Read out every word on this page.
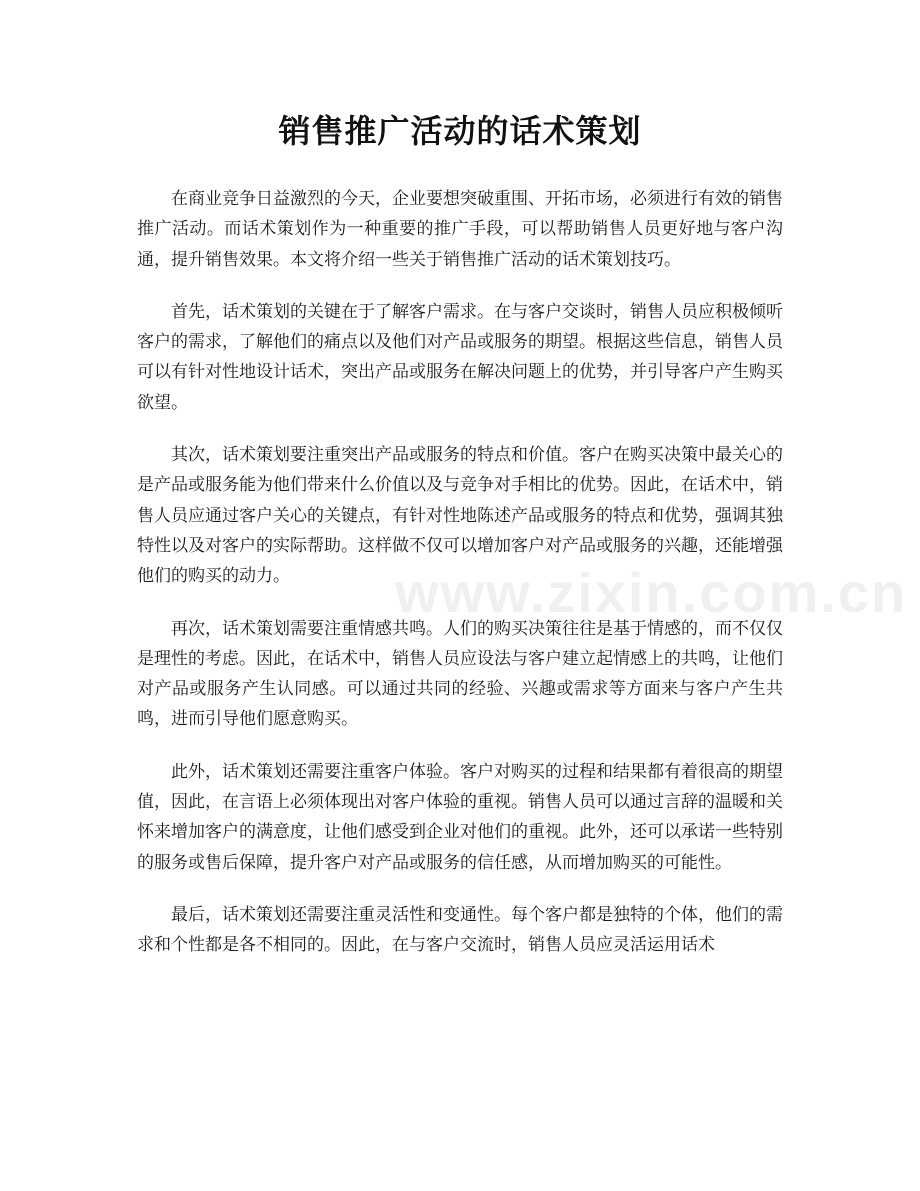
销售推广活动的话术策划

在商业竞争日益激烈的今天，企业要想突破重围、开拓市场，必须进行有效的销售推广活动。而话术策划作为一种重要的推广手段，可以帮助销售人员更好地与客户沟通，提升销售效果。本文将介绍一些关于销售推广活动的话术策划技巧。

首先，话术策划的关键在于了解客户需求。在与客户交谈时，销售人员应积极倾听客户的需求，了解他们的痛点以及他们对产品或服务的期望。根据这些信息，销售人员可以有针对性地设计话术，突出产品或服务在解决问题上的优势，并引导客户产生购买欲望。

其次，话术策划要注重突出产品或服务的特点和价值。客户在购买决策中最关心的是产品或服务能为他们带来什么价值以及与竞争对手相比的优势。因此，在话术中，销售人员应通过客户关心的关键点，有针对性地陈述产品或服务的特点和优势，强调其独特性以及对客户的实际帮助。这样做不仅可以增加客户对产品或服务的兴趣，还能增强他们的购买的动力。

再次，话术策划需要注重情感共鸣。人们的购买决策往往是基于情感的，而不仅仅是理性的考虑。因此，在话术中，销售人员应设法与客户建立起情感上的共鸣，让他们对产品或服务产生认同感。可以通过共同的经验、兴趣或需求等方面来与客户产生共鸣，进而引导他们愿意购买。

此外，话术策划还需要注重客户体验。客户对购买的过程和结果都有着很高的期望值，因此，在言语上必须体现出对客户体验的重视。销售人员可以通过言辞的温暖和关怀来增加客户的满意度，让他们感受到企业对他们的重视。此外，还可以承诺一些特别的服务或售后保障，提升客户对产品或服务的信任感，从而增加购买的可能性。

最后，话术策划还需要注重灵活性和变通性。每个客户都是独特的个体，他们的需求和个性都是各不相同的。因此，在与客户交流时，销售人员应灵活运用话术

www.zixin.com.cn
